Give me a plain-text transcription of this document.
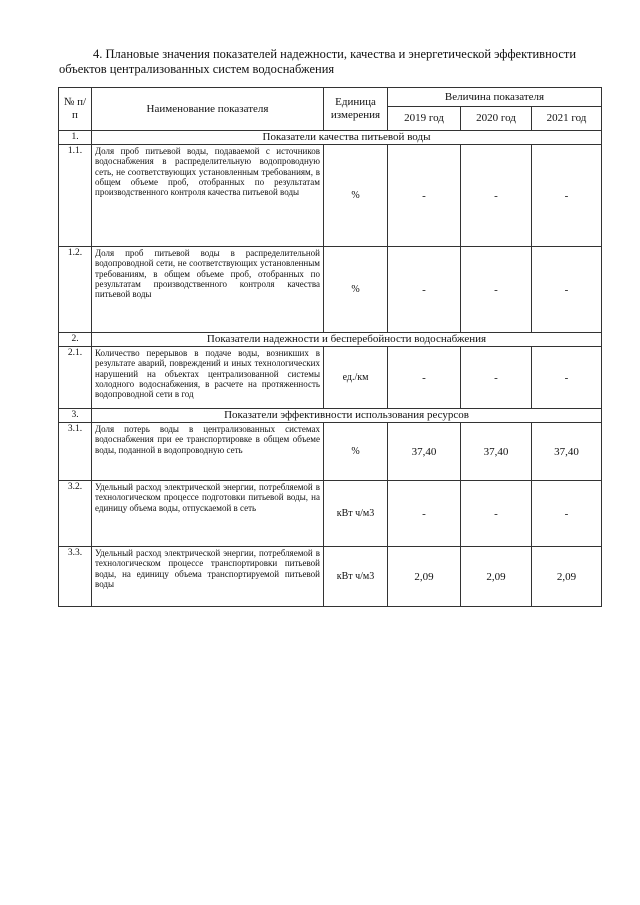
4. Плановые значения показателей надежности, качества и энергетической эффективности
объектов централизованных систем водоснабжения
№ п/п	Наименование показателя	Единица измерения	Величина показателя		
			2019 год	2020 год	2021 год
1.	Показатели качества питьевой воды				
1.1.	Доля проб питьевой воды, подаваемой с источников водоснабжения в распределительную водопроводную сеть, не соответствующих установленным требованиям, в общем объеме проб, отобранных по результатам производственного контроля качества питьевой воды	%	-	-	-
1.2.	Доля проб питьевой воды в распределительной водопроводной сети, не соответствующих установленным требованиям, в общем объеме проб, отобранных по результатам производственного контроля качества питьевой воды	%	-	-	-
2.	Показатели надежности и бесперебойности водоснабжения				
2.1.	Количество перерывов в подаче воды, возникших в результате аварий, повреждений и иных технологических нарушений на объектах централизованной системы холодного водоснабжения, в расчете на протяженность водопроводной сети в год	ед./км	-	-	-
3.	Показатели эффективности использования ресурсов				
3.1.	Доля потерь воды в централизованных системах водоснабжения при ее транспортировке в общем объеме воды, поданной в водопроводную сеть	%	37,40	37,40	37,40
3.2.	Удельный расход электрической энергии, потребляемой в технологическом процессе подготовки питьевой воды, на единицу объема воды, отпускаемой в сеть	кВт ч/м3	-	-	-
3.3.	Удельный расход электрической энергии, потребляемой в технологическом процессе транспортировки питьевой воды, на единицу объема транспортируемой питьевой воды	кВт ч/м3	2,09	2,09	2,09
